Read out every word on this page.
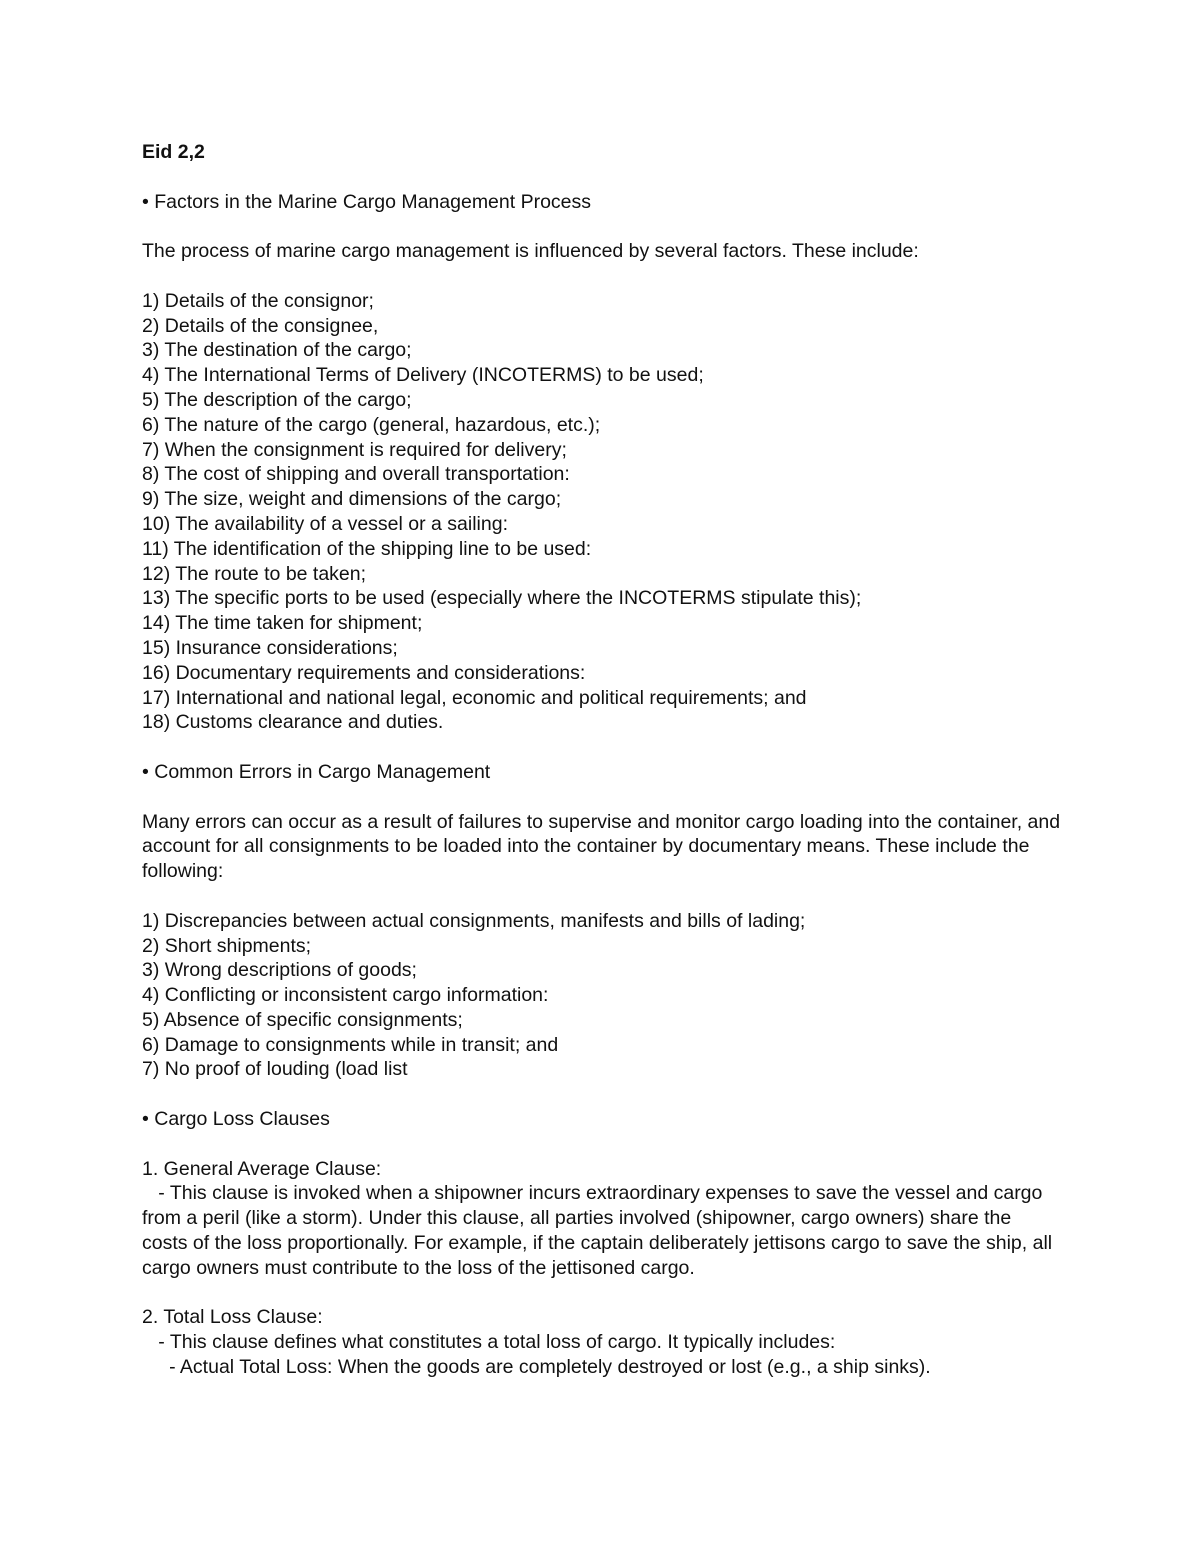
Eid 2,2

• Factors in the Marine Cargo Management Process

The process of marine cargo management is influenced by several factors. These include:

1) Details of the consignor;
2) Details of the consignee,
3) The destination of the cargo;
4) The International Terms of Delivery (INCOTERMS) to be used;
5) The description of the cargo;
6) The nature of the cargo (general, hazardous, etc.);
7) When the consignment is required for delivery;
8) The cost of shipping and overall transportation:
9) The size, weight and dimensions of the cargo;
10) The availability of a vessel or a sailing:
11) The identification of the shipping line to be used:
12) The route to be taken;
13) The specific ports to be used (especially where the INCOTERMS stipulate this);
14) The time taken for shipment;
15) Insurance considerations;
16) Documentary requirements and considerations:
17) International and national legal, economic and political requirements; and
18) Customs clearance and duties.

• Common Errors in Cargo Management

Many errors can occur as a result of failures to supervise and monitor cargo loading into the container, and account for all consignments to be loaded into the container by documentary means. These include the following:

1) Discrepancies between actual consignments, manifests and bills of lading;
2) Short shipments;
3) Wrong descriptions of goods;
4) Conflicting or inconsistent cargo information:
5) Absence of specific consignments;
6) Damage to consignments while in transit; and
7) No proof of louding (load list

• Cargo Loss Clauses

1. General Average Clause:

- This clause is invoked when a shipowner incurs extraordinary expenses to save the vessel and cargo from a peril (like a storm). Under this clause, all parties involved (shipowner, cargo owners) share the costs of the loss proportionally. For example, if the captain deliberately jettisons cargo to save the ship, all cargo owners must contribute to the loss of the jettisoned cargo.

2. Total Loss Clause:

- This clause defines what constitutes a total loss of cargo. It typically includes:

- Actual Total Loss: When the goods are completely destroyed or lost (e.g., a ship sinks).
